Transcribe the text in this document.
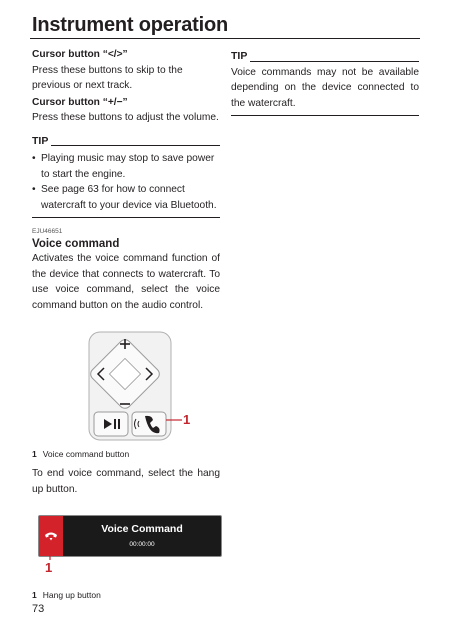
Instrument operation

Cursor button “</>”

Press these buttons to skip to the previous or next track.

Cursor button “+/−”

Press these buttons to adjust the volume.

TIP
• Playing music may stop to save power to start the engine.
• See page 63 for how to connect watercraft to your device via Bluetooth.
EJU46651
Voice command

Activates the voice command function of the device that connects to watercraft. To use voice command, select the voice command button on the audio control.

1
1 Voice command button

To end voice command, select the hang up button.

Voice Command
00:00:00
1
1 Hang up button
TIP

Voice commands may not be available depending on the device connected to the watercraft.

73
